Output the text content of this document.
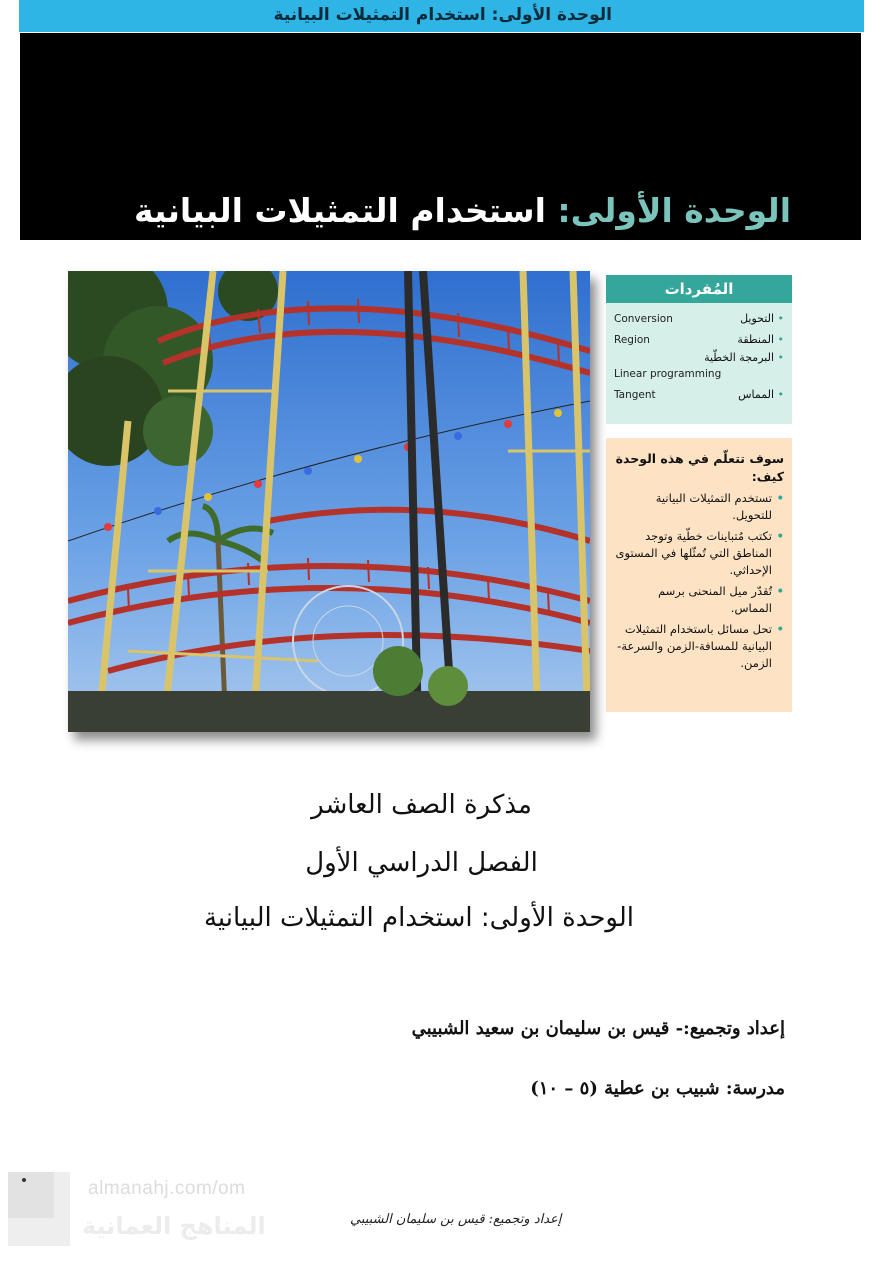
الوحدة الأولى: استخدام التمثيلات البيانية
الوحدة الأولى: استخدام التمثيلات البيانية
المُفردات
• التحويل
Conversion
• المنطقة
Region
• البرمجة الخطّية
Linear programming
• المماس
Tangent
سوف تتعلّم في هذه الوحدة كيف:
• تستخدم التمثيلات البيانية للتحويل.
• تكتب مُتباينات خطّية وتوجد المناطق التي تُمثّلها في المستوى الإحداثي.
• تُقدّر ميل المنحنى برسم المماس.
• تحل مسائل باستخدام التمثيلات البيانية للمسافة-الزمن والسرعة-الزمن.
مذكرة الصف العاشر
الفصل الدراسي الأول
الوحدة الأولى: استخدام التمثيلات البيانية
إعداد وتجميع:- قيس بن سليمان بن سعيد الشبيبي
مدرسة: شبيب بن عطية (٥ – ١٠)
almanahj.com/om
المناهج العمانية	إعداد وتجميع: قيس بن سليمان الشبيبي
